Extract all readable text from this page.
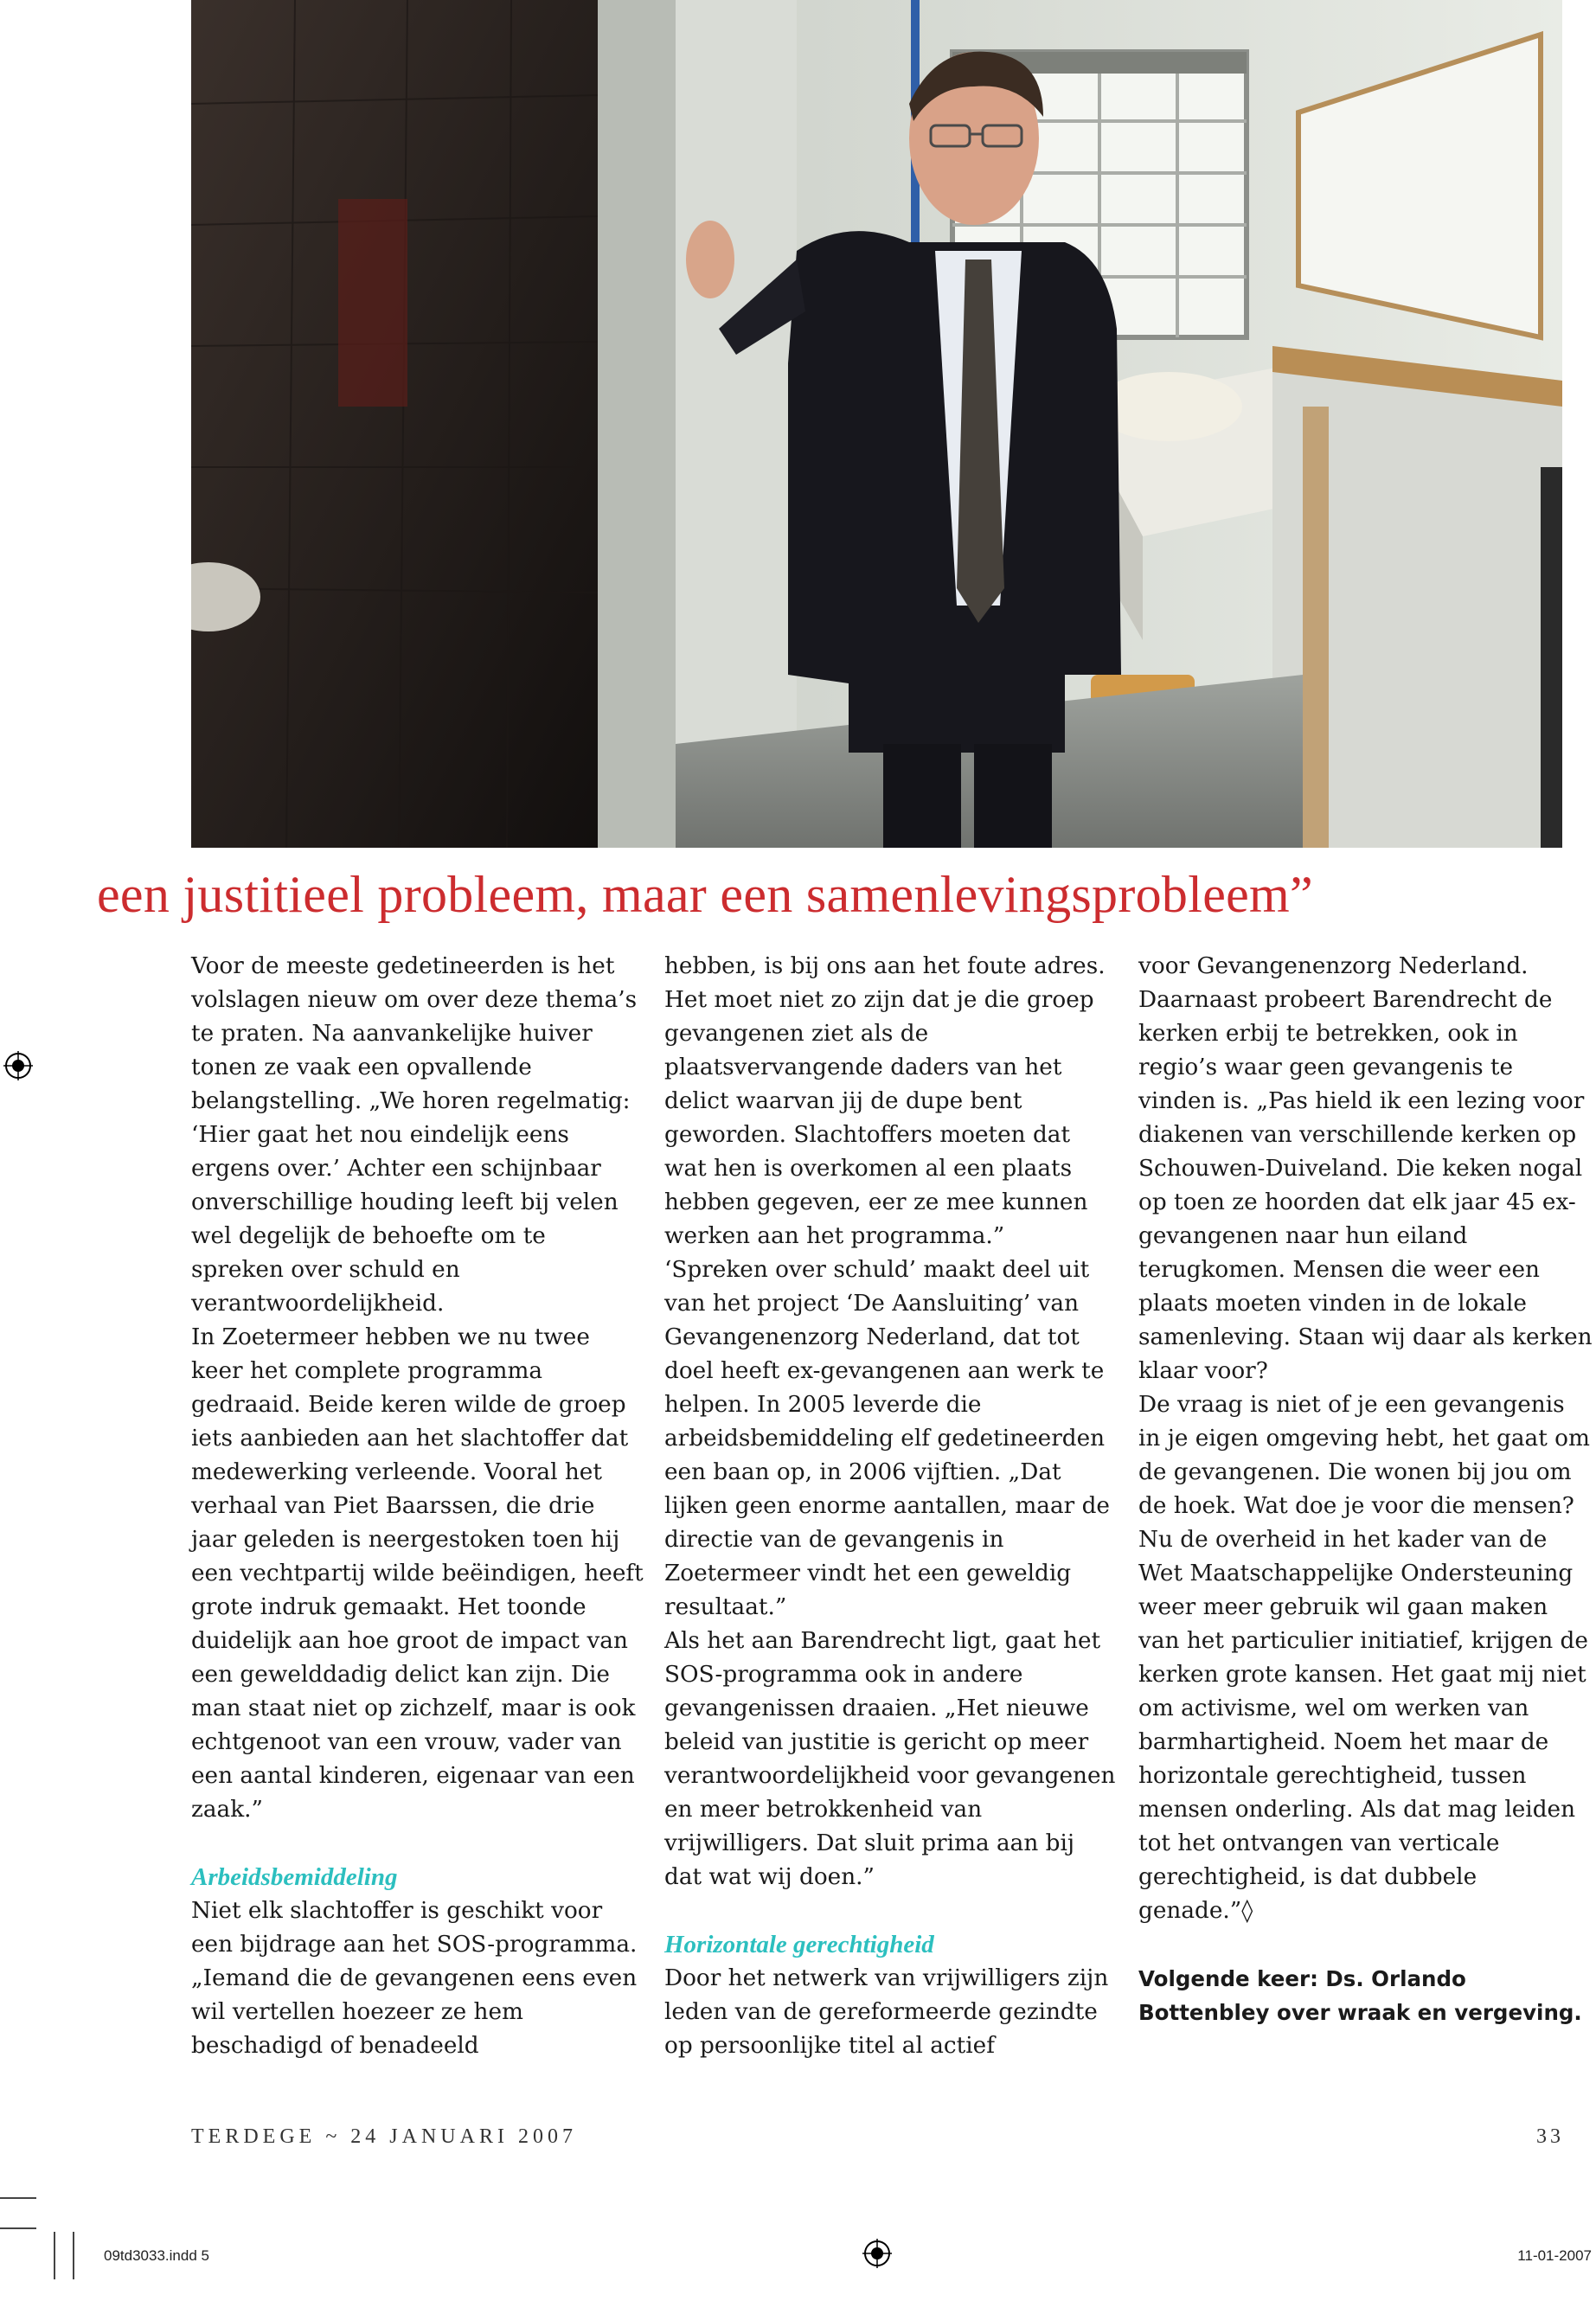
een justitieel probleem, maar een samenlevingsprobleem”

Voor de meeste gedetineerden is het volslagen nieuw om over deze thema’s te praten. Na aanvankelijke huiver tonen ze vaak een opvallende belangstelling. „We horen regelmatig: ‘Hier gaat het nou eindelijk eens ergens over.’ Achter een schijnbaar onverschillige houding leeft bij velen wel degelijk de behoefte om te spreken over schuld en verantwoordelijkheid.

In Zoetermeer hebben we nu twee keer het complete programma gedraaid. Beide keren wilde de groep iets aanbieden aan het slachtoffer dat medewerking verleende. Vooral het verhaal van Piet Baarssen, die drie jaar geleden is neergestoken toen hij een vechtpartij wilde beëindigen, heeft grote indruk gemaakt. Het toonde duidelijk aan hoe groot de impact van een gewelddadig delict kan zijn. Die man staat niet op zichzelf, maar is ook echtgenoot van een vrouw, vader van een aantal kinderen, eigenaar van een zaak.”

Arbeidsbemiddeling

Niet elk slachtoffer is geschikt voor een bijdrage aan het SOS-programma. „Iemand die de gevangenen eens even wil vertellen hoezeer ze hem beschadigd of benadeeld

hebben, is bij ons aan het foute adres. Het moet niet zo zijn dat je die groep gevangenen ziet als de plaatsvervangende daders van het delict waarvan jij de dupe bent geworden. Slachtoffers moeten dat wat hen is overkomen al een plaats hebben gegeven, eer ze mee kunnen werken aan het programma.”

‘Spreken over schuld’ maakt deel uit van het project ‘De Aansluiting’ van Gevangenenzorg Nederland, dat tot doel heeft ex-gevangenen aan werk te helpen. In 2005 leverde die arbeidsbemiddeling elf gedetineerden een baan op, in 2006 vijftien. „Dat lijken geen enorme aantallen, maar de directie van de gevangenis in Zoetermeer vindt het een geweldig resultaat.”

Als het aan Barendrecht ligt, gaat het SOS-programma ook in andere gevangenissen draaien. „Het nieuwe beleid van justitie is gericht op meer verantwoordelijkheid voor gevangenen en meer betrokkenheid van vrijwilligers. Dat sluit prima aan bij dat wat wij doen.”

Horizontale gerechtigheid

Door het netwerk van vrijwilligers zijn leden van de gereformeerde gezindte op persoonlijke titel al actief

voor Gevangenenzorg Nederland. Daarnaast probeert Barendrecht de kerken erbij te betrekken, ook in regio’s waar geen gevangenis te vinden is. „Pas hield ik een lezing voor diakenen van verschillende kerken op Schouwen-Duiveland. Die keken nogal op toen ze hoorden dat elk jaar 45 ex-gevangenen naar hun eiland terugkomen. Mensen die weer een plaats moeten vinden in de lokale samenleving. Staan wij daar als kerken klaar voor?

De vraag is niet of je een gevangenis in je eigen omgeving hebt, het gaat om de gevangenen. Die wonen bij jou om de hoek. Wat doe je voor die mensen? Nu de overheid in het kader van de Wet Maatschappelijke Ondersteuning weer meer gebruik wil gaan maken van het particulier initiatief, krijgen de kerken grote kansen. Het gaat mij niet om activisme, wel om werken van barmhartigheid. Noem het maar de horizontale gerechtigheid, tussen mensen onderling. Als dat mag leiden tot het ontvangen van verticale gerechtigheid, is dat dubbele genade.”◊

Volgende keer: Ds. Orlando Bottenbley over wraak en vergeving.

TERDEGE ~ 24 JANUARI 2007	33
09td3033.indd 5	11-01-2007
